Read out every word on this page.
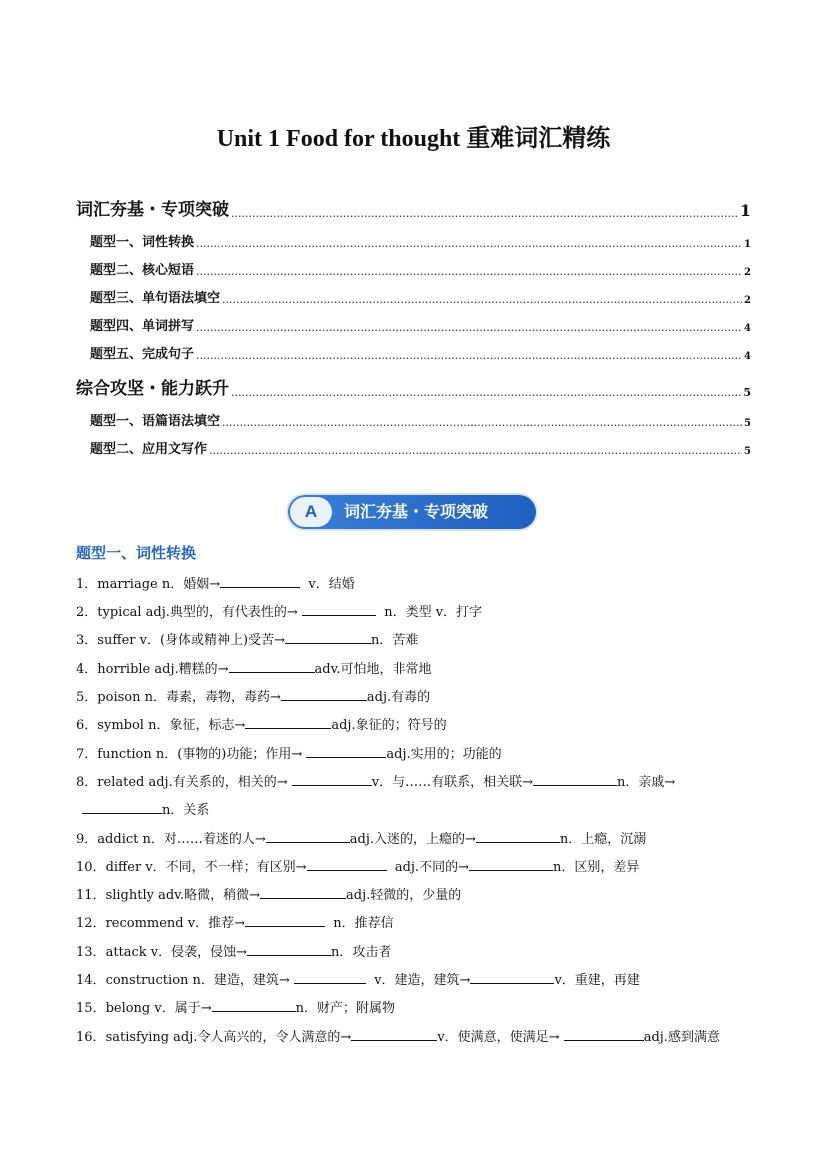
Unit 1 Food for thought 重难词汇精练
词汇夯基・专项突破 .....	1
题型一、词性转换 .....	1
题型二、核心短语 .....	2
题型三、单句语法填空 .....	2
题型四、单词拼写 .....	4
题型五、完成句子 .....	4
综合攻坚・能力跃升 .....	5
题型一、语篇语法填空 .....	5
题型二、应用文写作 .....	5
A	词汇夯基・专项突破
题型一、词性转换
1．marriage n．婚姻→	v．结婚
2．typical adj.典型的，有代表性的→	n．类型 v．打字
3．suffer v．(身体或精神上)受苦→	n．苦难
4．horrible adj.糟糕的→	adv.可怕地，非常地
5．poison n．毒素，毒物，毒药→	adj.有毒的
6．symbol n．象征，标志→	adj.象征的；符号的
7．function n．(事物的)功能；作用→	adj.实用的；功能的
8．related adj.有关系的，相关的→	v．与……有联系，相关联→	n．亲戚→
n．关系
9．addict n．对……着迷的人→	adj.入迷的，上瘾的→	n．上瘾，沉溺
10．differ v．不同，不一样；有区别→	adj.不同的→	n．区别，差异
11．slightly adv.略微，稍微→	adj.轻微的，少量的
12．recommend v．推荐→	n．推荐信
13．attack v．侵袭，侵蚀→	n．攻击者
14．construction n．建造，建筑→	v．建造，建筑→	v．重建，再建
15．belong v．属于→	n．财产；附属物
16．satisfying adj.令人高兴的，令人满意的→	v．使满意，使满足→	adj.感到满意
